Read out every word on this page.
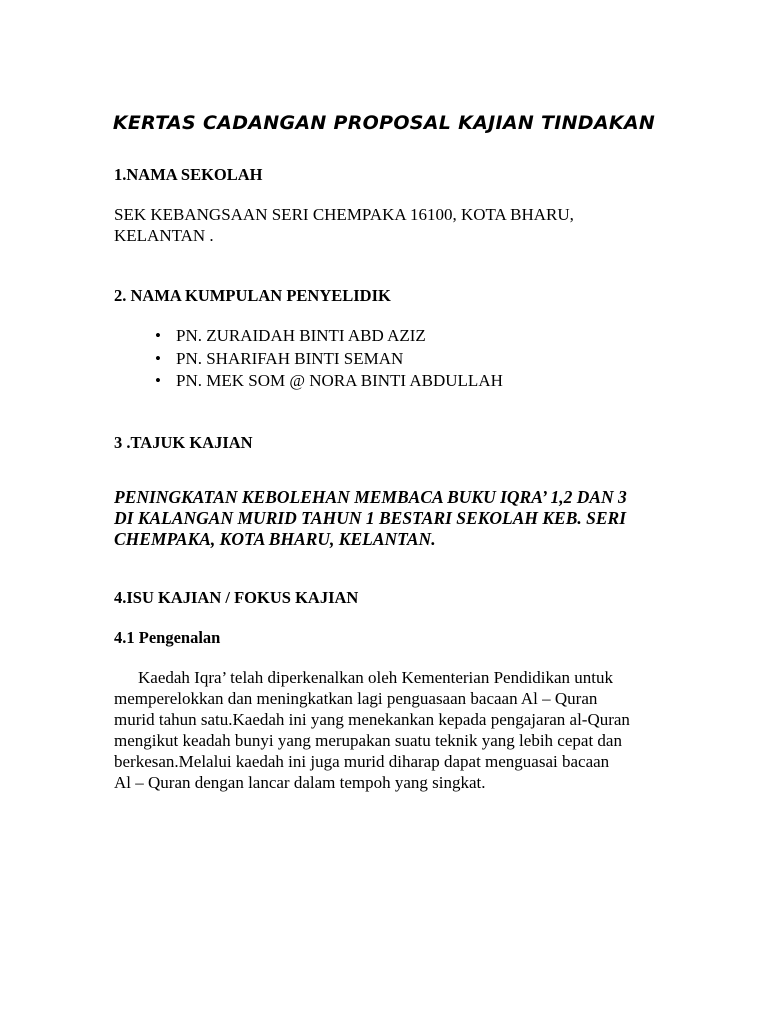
KERTAS CADANGAN PROPOSAL KAJIAN TINDAKAN

1.NAMA SEKOLAH

SEK KEBANGSAAN SERI CHEMPAKA 16100, KOTA BHARU,
KELANTAN .

2. NAMA KUMPULAN PENYELIDIK

• PN. ZURAIDAH BINTI ABD AZIZ
• PN. SHARIFAH BINTI SEMAN
• PN. MEK SOM @ NORA BINTI ABDULLAH

3 .TAJUK KAJIAN

PENINGKATAN KEBOLEHAN MEMBACA BUKU IQRA’ 1,2 DAN 3
DI KALANGAN MURID TAHUN 1 BESTARI SEKOLAH KEB. SERI
CHEMPAKA, KOTA BHARU, KELANTAN.

4.ISU KAJIAN / FOKUS KAJIAN

4.1 Pengenalan

Kaedah Iqra’ telah diperkenalkan oleh Kementerian Pendidikan untuk
memperelokkan dan meningkatkan lagi penguasaan bacaan Al – Quran
murid tahun satu.Kaedah ini yang menekankan kepada pengajaran al-Quran
mengikut keadah bunyi yang merupakan suatu teknik yang lebih cepat dan
berkesan.Melalui kaedah ini juga murid diharap dapat menguasai bacaan
Al – Quran dengan lancar dalam tempoh yang singkat.
